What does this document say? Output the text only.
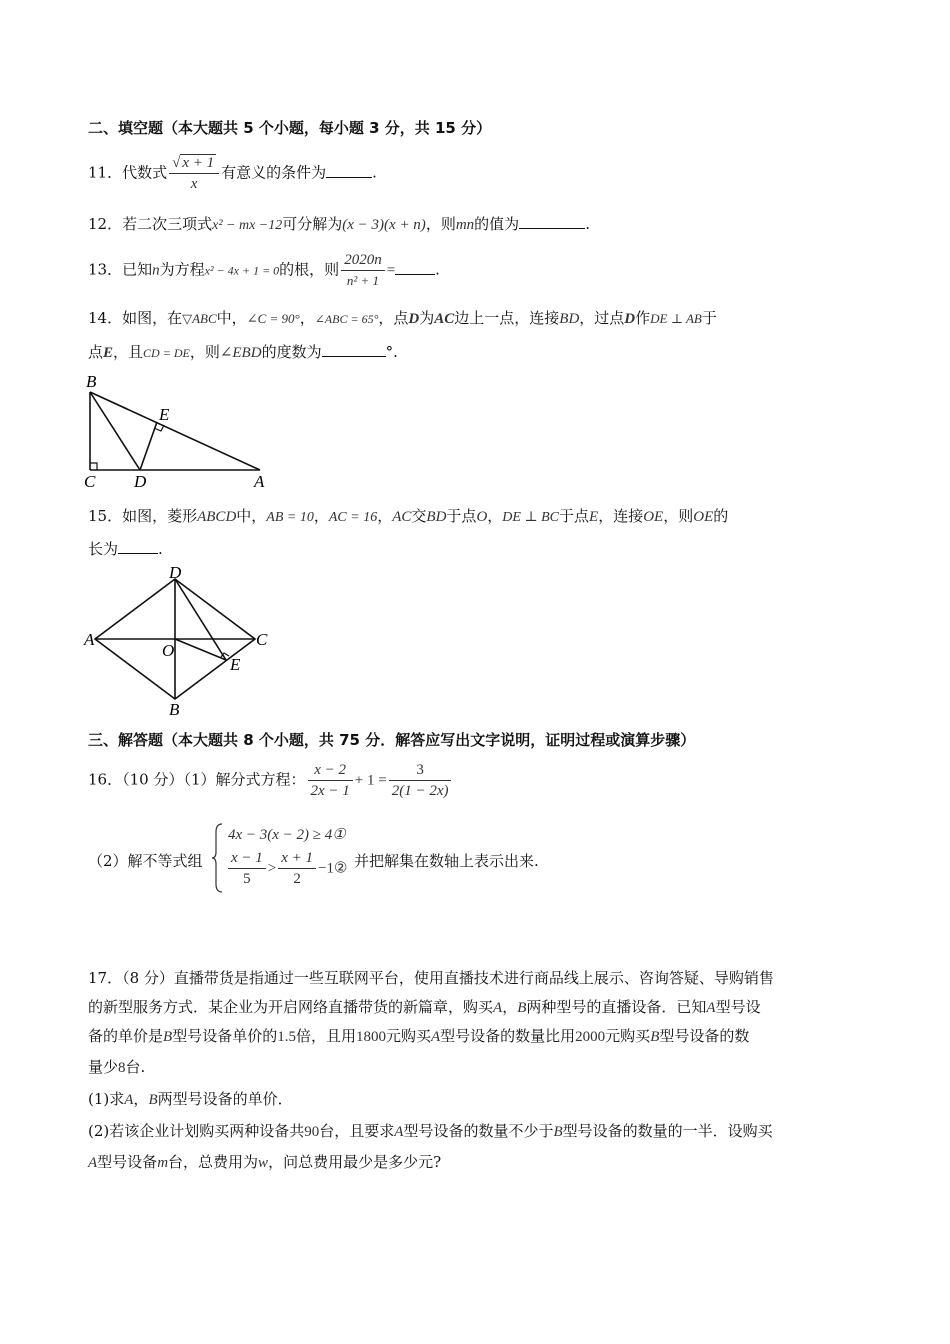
二、填空题（本大题共 5 个小题，每小题 3 分，共 15 分）
11．代数式 $\frac{√ x + 1}{x}$ 有意义的条件为	.
12．若二次三项式x² − mx −12可分解为(x − 3)(x + n)，则mn的值为	.
13．已知n为方程x² − 4x + 1 = 0的根，则 $\frac{2020n}{\text{n² + 1}}$ =	.
14．如图，在▽ABC中，∠C = 90°，∠ABC = 65°，点D为AC边上一点，连接BD，过点D作DE ⊥ AB于
点E，且CD = DE，则∠EBD的度数为	°.
B
E
C D	A
15．如图，菱形ABCD中，AB = 10，AC = 16，AC交BD于点O，DE ⊥ BC于点E，连接OE，则OE的
长为	.
D
A
O
C
E
B
三、解答题（本大题共 8 个小题，共 75 分．解答应写出文字说明，证明过程或演算步骤）
16．（10 分）（1）解分式方程： $\frac{x - 2}{2x - 1} + 1 = \frac{3}{2(1 - 2x)}$
（2）解不等式组
4x − 3(x − 2) ≥ 4①
$\frac{x - 1}{5} > \frac{x + 1}{2}$ −1② 并把解集在数轴上表示出来.
17．（8 分）直播带货是指通过一些互联网平台，使用直播技术进行商品线上展示、咨询答疑、导购销售
的新型服务方式．某企业为开启网络直播带货的新篇章，购买A，B两种型号的直播设备．已知A型号设
备的单价是B型号设备单价的1.5倍，且用1800元购买A型号设备的数量比用2000元购买B型号设备的数
量少8台.
(1)求A，B两型号设备的单价．
(2)若该企业计划购买两种设备共90台，且要求A型号设备的数量不少于B型号设备的数量的一半．设购买
A型号设备m台，总费用为w，问总费用最少是多少元?
